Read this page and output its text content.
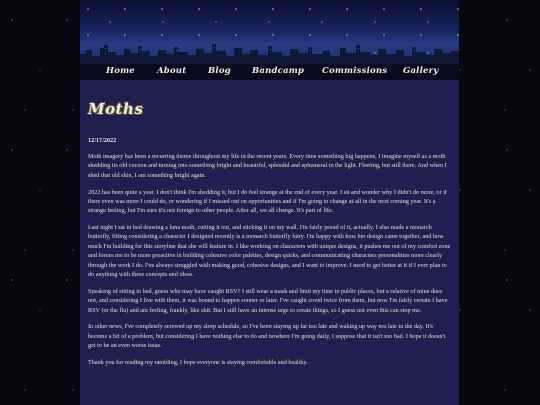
Home	About	Blog Bandcamp Commissions Gallery
Moths
12/17/2022

Moth imagery has been a recurring theme throughout my life in the recent years. Every time something big happens, I imagine myself as a moth shedding its old cocoon and turning into something bright and beautiful, splendid and ephemeral in the light. Fleeting, but still there. And when I shed that old skin, I am something bright again.

2022 has been quite a year. I don't think I'm shedding it, but I do feel strange at the end of every year. I sit and wonder why I didn't do more, or if there even was more I could do, or wondering if I missed out on opportunities and if I'm going to change at all in the next coming year. It's a strange feeling, but I'm sure it's not foreign to other people. After all, we all change. It's part of life.

Last night I sat in bed drawing a luna moth, cutting it out, and sticking it on my wall. I'm fairly proud of it, actually. I also made a monarch butterfly, fitting considering a character I designed recently is a monarch butterfly fairy. I'm happy with how her design came together, and how much I'm building for this storyline that she will feature in. I like working on characters with unique designs, it pushes me out of my comfort zone and forces me to be more proactive in building cohesive color palettes, design quirks, and communicating characters personalities more clearly through the work I do. I've always struggled with making good, cohesive designs, and I want to improve. I need to get better at it if I ever plan to do anything with these concepts and ideas.

Speaking of sitting in bed, guess who may have caught RSV? I still wear a mask and limit my time in public places, but a relative of mine does not, and considering I live with them, it was bound to happen sooner or later. I've caught covid twice from them, but now I'm fairly certain I have RSV (or the flu) and am feeling, frankly, like shit. But I still have an intense urge to create things, so I guess not even this can stop me.

In other news, I've completely screwed up my sleep schedule, so I've been staying up far too late and waking up way too late in the day. It's become a bit of a problem, but considering I have nothing else to do and nowhere I'm going daily, I suppose that it isn't too bad. I hope it doesn't get to be an even worse issue.

Thank you for reading my rambling, I hope everyone is staying comfortable and healthy.
